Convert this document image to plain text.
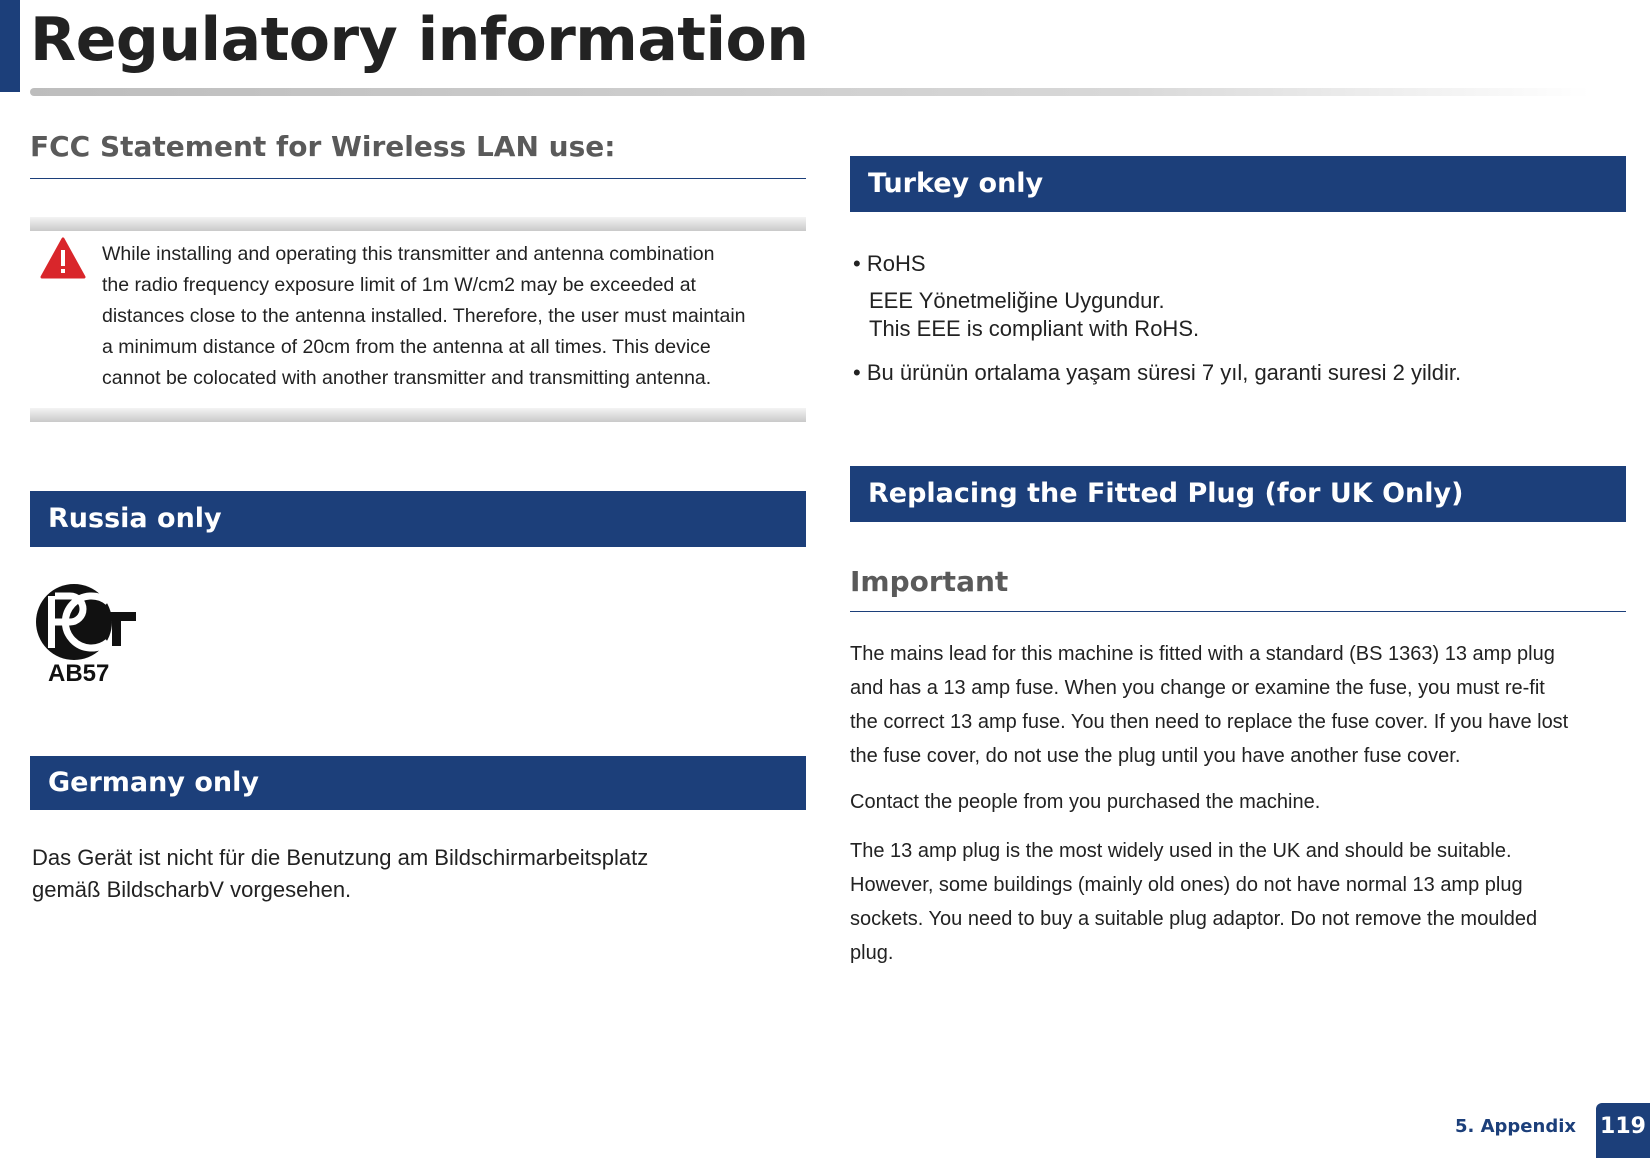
Regulatory information
FCC Statement for Wireless LAN use:
While installing and operating this transmitter and antenna combination
the radio frequency exposure limit of 1m W/cm2 may be exceeded at
distances close to the antenna installed. Therefore, the user must maintain
a minimum distance of 20cm from the antenna at all times. This device
cannot be colocated with another transmitter and transmitting antenna.
Russia only
AB57
Germany only
Das Gerät ist nicht für die Benutzung am Bildschirmarbeitsplatz
gemäß BildscharbV vorgesehen.
Turkey only
• RoHS
EEE Yönetmeliğine Uygundur.
This EEE is compliant with RoHS.
• Bu ürünün ortalama yaşam süresi 7 yıl, garanti suresi 2 yildir.
Replacing the Fitted Plug (for UK Only)
Important
The mains lead for this machine is fitted with a standard (BS 1363) 13 amp plug
and has a 13 amp fuse. When you change or examine the fuse, you must re-fit
the correct 13 amp fuse. You then need to replace the fuse cover. If you have lost
the fuse cover, do not use the plug until you have another fuse cover.
Contact the people from you purchased the machine.
The 13 amp plug is the most widely used in the UK and should be suitable.
However, some buildings (mainly old ones) do not have normal 13 amp plug
sockets. You need to buy a suitable plug adaptor. Do not remove the moulded
plug.
5. Appendix 119
